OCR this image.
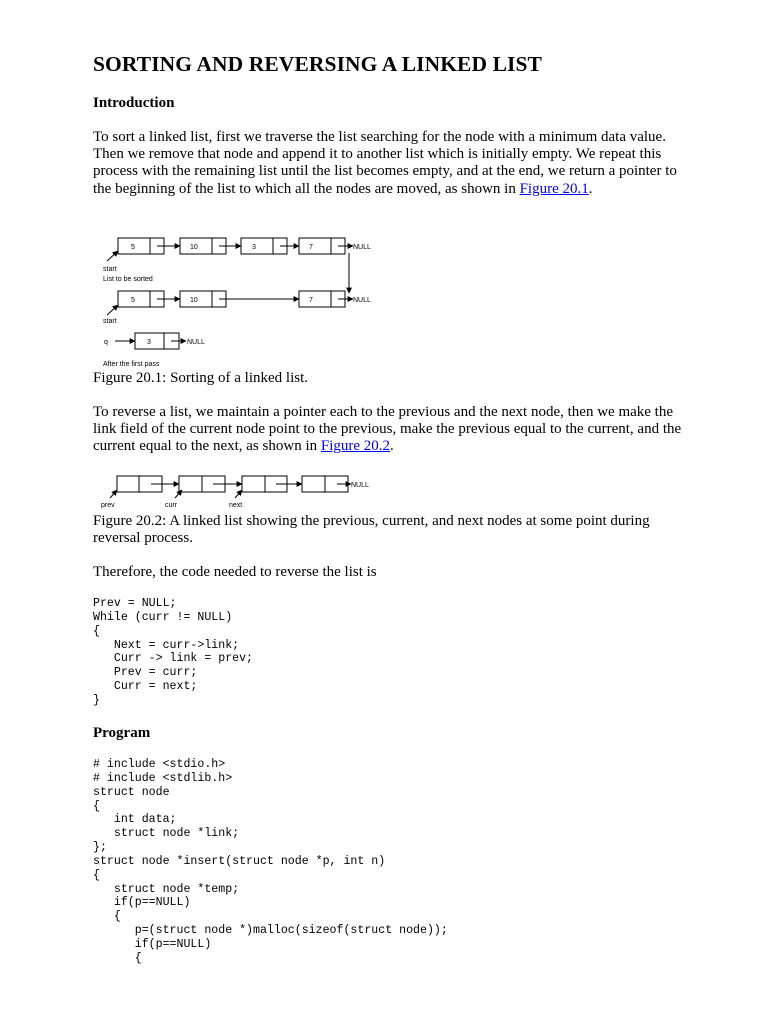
SORTING AND REVERSING A LINKED LIST
Introduction

To sort a linked list, first we traverse the list searching for the node with a minimum data value. Then we remove that node and append it to another list which is initially empty. We repeat this process with the remaining list until the list becomes empty, and at the end, we return a pointer to the beginning of the list to which all the nodes are moved, as shown in Figure 20.1.

5	10	3	7	NULL
start
List to be sorted
5	10	7	NULL
start
q	3	NULL
After the first pass

Figure 20.1: Sorting of a linked list.

To reverse a list, we maintain a pointer each to the previous and the next node, then we make the link field of the current node point to the previous, make the previous equal to the current, and the current equal to the next, as shown in Figure 20.2.

NULL
prev	curr	next

Figure 20.2: A linked list showing the previous, current, and next nodes at some point during reversal process.

Therefore, the code needed to reverse the list is

Prev = NULL;
While (curr != NULL)
{
Next = curr->link;
Curr -> link = prev;
Prev = curr;
Curr = next;
}
Program
# include <stdio.h>
# include <stdlib.h>
struct node
{
int data;
struct node *link;
};
struct node *insert(struct node *p, int n)
{
struct node *temp;
if(p==NULL)
{
p=(struct node *)malloc(sizeof(struct node));
if(p==NULL)
{
